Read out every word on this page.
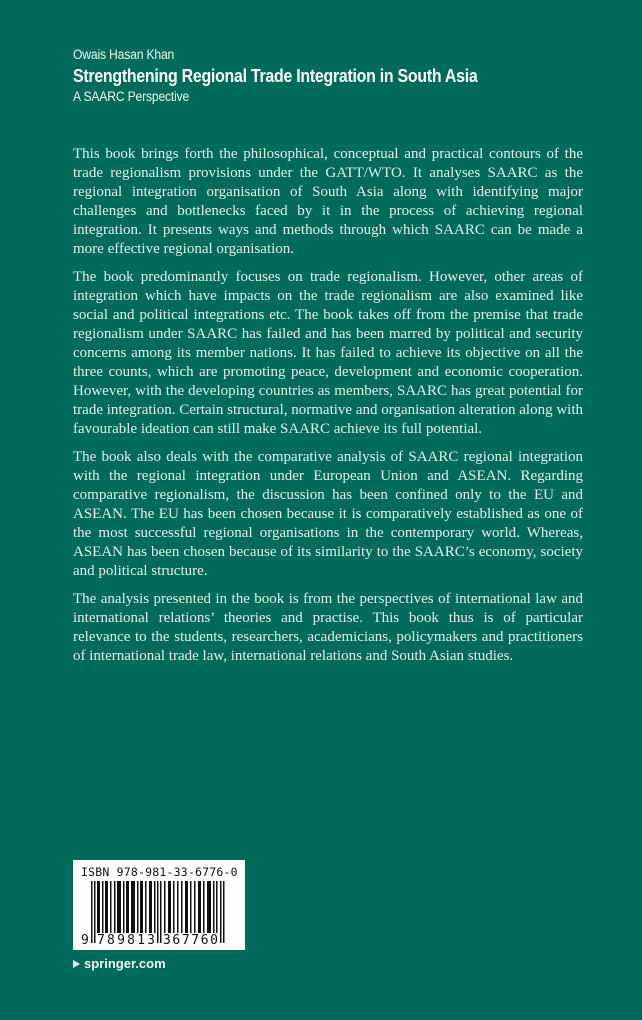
Owais Hasan Khan
Strengthening Regional Trade Integration in South Asia
A SAARC Perspective

This book brings forth the philosophical, conceptual and practical contours of the trade regionalism provisions under the GATT/WTO. It analyses SAARC as the regional integration organisation of South Asia along with identifying major challenges and bottlenecks faced by it in the process of achieving regional integration. It presents ways and methods through which SAARC can be made a more effective regional organisation.

The book predominantly focuses on trade regionalism. However, other areas of integration which have impacts on the trade regionalism are also examined like social and political integrations etc. The book takes off from the premise that trade regionalism under SAARC has failed and has been marred by political and security concerns among its member nations. It has failed to achieve its objective on all the three counts, which are promoting peace, development and economic cooperation. However, with the developing countries as members, SAARC has great potential for trade integration. Certain structural, normative and organisation alteration along with favourable ideation can still make SAARC achieve its full potential.

The book also deals with the comparative analysis of SAARC regional integration with the regional integration under European Union and ASEAN. Regarding comparative regionalism, the discussion has been confined only to the EU and ASEAN. The EU has been chosen because it is comparatively established as one of the most successful regional organisations in the contemporary world. Whereas, ASEAN has been chosen because of its similarity to the SAARC’s economy, society and political structure.

The analysis presented in the book is from the perspectives of international law and international relations’ theories and practise. This book thus is of particular relevance to the students, researchers, academicians, policymakers and practitioners of international trade law, international relations and South Asian studies.

ISBN 978-981-33-6776-0
9 789813 367760
springer.com
